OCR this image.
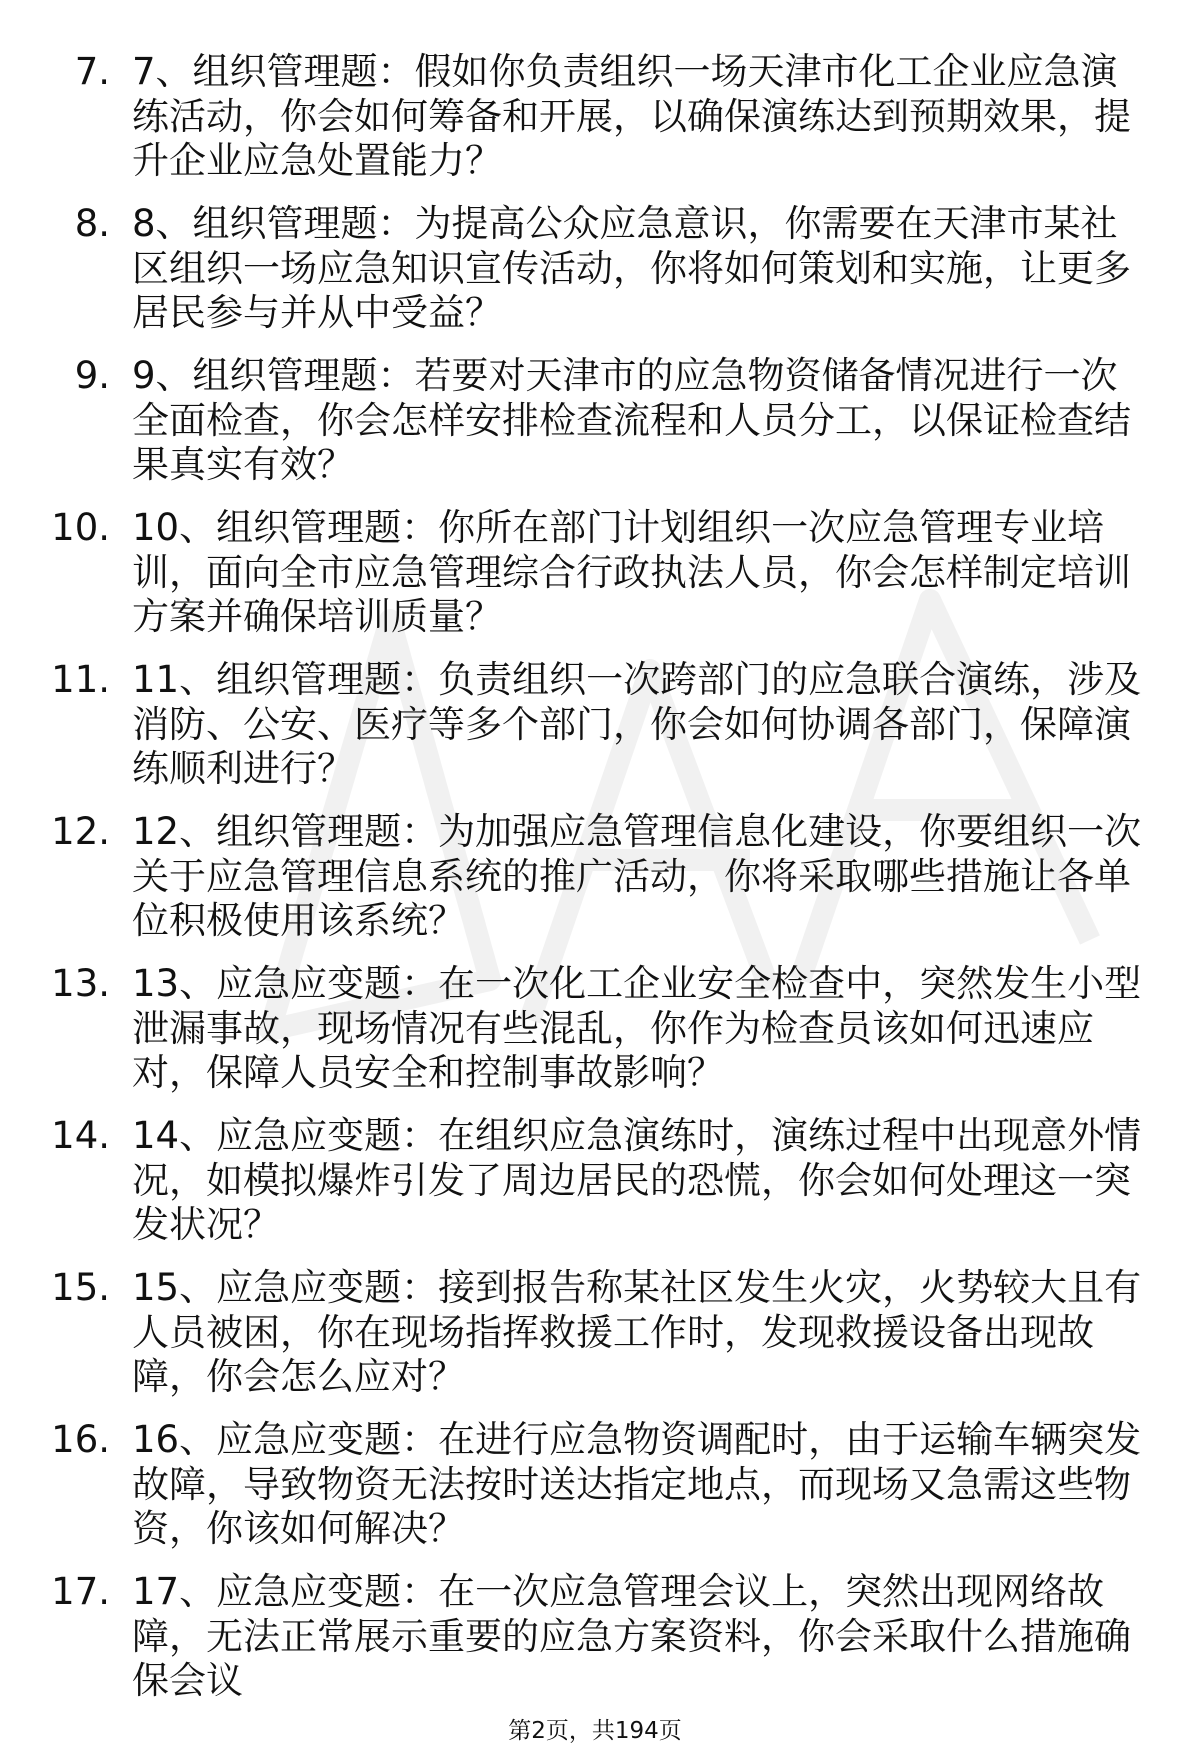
7. 7、组织管理题：假如你负责组织一场天津市化工企业应急演练活动，你会如何筹备和开展，以确保演练达到预期效果，提升企业应急处置能力？
8. 8、组织管理题：为提高公众应急意识，你需要在天津市某社区组织一场应急知识宣传活动，你将如何策划和实施，让更多居民参与并从中受益？
9. 9、组织管理题：若要对天津市的应急物资储备情况进行一次全面检查，你会怎样安排检查流程和人员分工，以保证检查结果真实有效？
10. 10、组织管理题：你所在部门计划组织一次应急管理专业培训，面向全市应急管理综合行政执法人员，你会怎样制定培训方案并确保培训质量？
11. 11、组织管理题：负责组织一次跨部门的应急联合演练，涉及消防、公安、医疗等多个部门，你会如何协调各部门，保障演练顺利进行？
12. 12、组织管理题：为加强应急管理信息化建设，你要组织一次关于应急管理信息系统的推广活动，你将采取哪些措施让各单位积极使用该系统？
13. 13、应急应变题：在一次化工企业安全检查中，突然发生小型泄漏事故，现场情况有些混乱，你作为检查员该如何迅速应对，保障人员安全和控制事故影响？
14. 14、应急应变题：在组织应急演练时，演练过程中出现意外情况，如模拟爆炸引发了周边居民的恐慌，你会如何处理这一突发状况？
15. 15、应急应变题：接到报告称某社区发生火灾，火势较大且有人员被困，你在现场指挥救援工作时，发现救援设备出现故障，你会怎么应对？
16. 16、应急应变题：在进行应急物资调配时，由于运输车辆突发故障，导致物资无法按时送达指定地点，而现场又急需这些物资，你该如何解决？
17. 17、应急应变题：在一次应急管理会议上，突然出现网络故障，无法正常展示重要的应急方案资料，你会采取什么措施确保会议
第2页，共194页
